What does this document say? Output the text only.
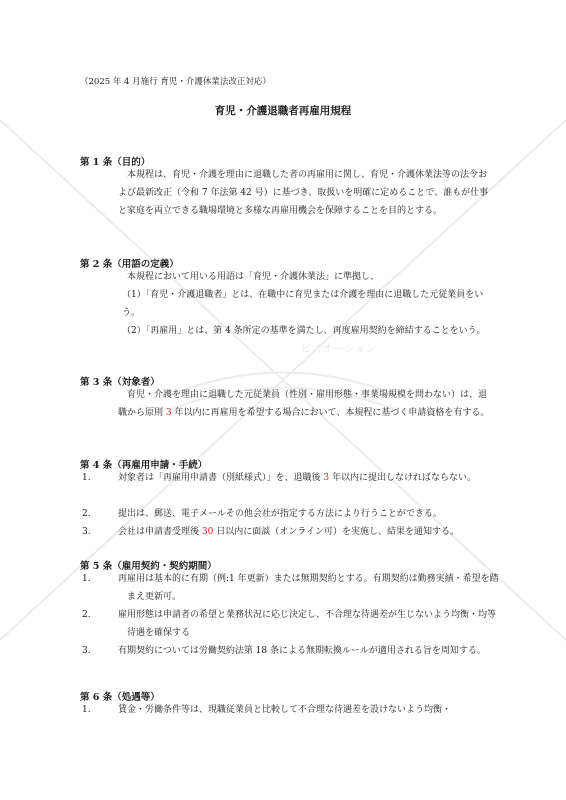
ビズオーション
（2025 年 4 月施行 育児・介護休業法改正対応）
育児・介護退職者再雇用規程
第 1 条（目的）

本規程は、育児・介護を理由に退職した者の再雇用に関し、育児・介護休業法等の法令および最新改正（令和 7 年法第 42 号）に基づき、取扱いを明確に定めることで、誰もが仕事と家庭を両立できる職場環境と多様な再雇用機会を保障することを目的とする。

第 2 条（用語の定義）

本規程において用いる用語は「育児・介護休業法」に準拠し、

（1）「育児・介護退職者」とは、在職中に育児または介護を理由に退職した元従業員をいう。

（2）「再雇用」とは、第 4 条所定の基準を満たし、再度雇用契約を締結することをいう。

第 3 条（対象者）

育児・介護を理由に退職した元従業員（性別・雇用形態・事業場規模を問わない）は、退職から原則 3 年以内に再雇用を希望する場合において、本規程に基づく申請資格を有する。

第 4 条（再雇用申請・手続）
1.	対象者は「再雇用申請書（別紙様式）」を、退職後 3 年以内に提出しなければならない。

2.	提出は、郵送、電子メールその他会社が指定する方法により行うことができる。

3.	会社は申請書受理後 30 日以内に面談（オンライン可）を実施し、結果を通知する。

第 5 条（雇用契約・契約期間）
1.	再雇用は基本的に有期（例:1 年更新）または無期契約とする。有期契約は勤務実績・希望を踏まえ更新可。

2.	雇用形態は申請者の希望と業務状況に応じ決定し、不合理な待遇差が生じないよう均衡・均等待遇を確保する

3.	有期契約については労働契約法第 18 条による無期転換ルールが適用される旨を周知する。

第 6 条（処遇等）
1.	賃金・労働条件等は、現職従業員と比較して不合理な待遇差を設けないよう均衡・
